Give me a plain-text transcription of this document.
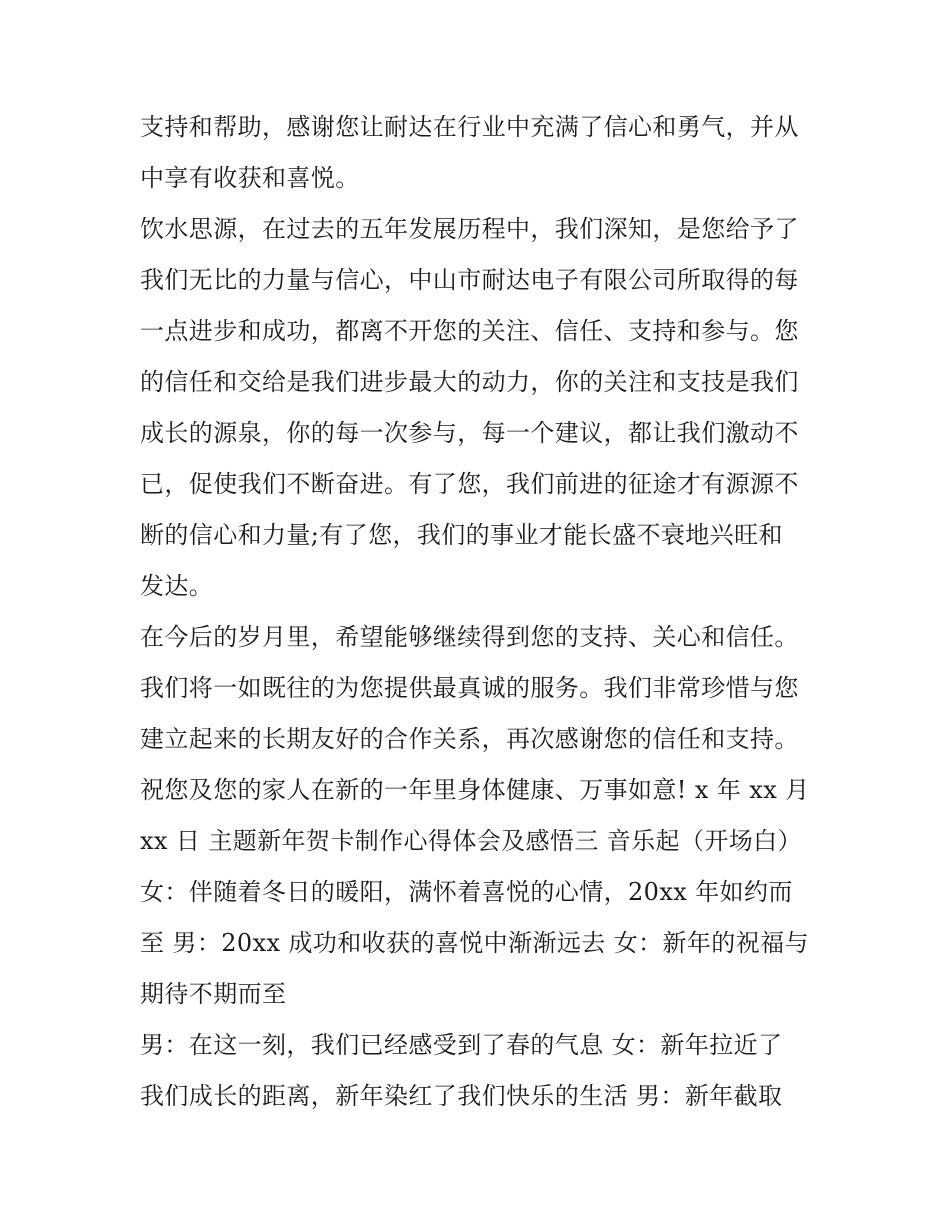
支持和帮助，感谢您让耐达在行业中充满了信心和勇气，并从
中享有收获和喜悦。
饮水思源，在过去的五年发展历程中，我们深知，是您给予了
我们无比的力量与信心，中山市耐达电子有限公司所取得的每
一点进步和成功，都离不开您的关注、信任、支持和参与。您
的信任和交给是我们进步最大的动力，你的关注和支技是我们
成长的源泉，你的每一次参与，每一个建议，都让我们激动不
已，促使我们不断奋进。有了您，我们前进的征途才有源源不
断的信心和力量;有了您，我们的事业才能长盛不衰地兴旺和
发达。
在今后的岁月里，希望能够继续得到您的支持、关心和信任。
我们将一如既往的为您提供最真诚的服务。我们非常珍惜与您
建立起来的长期友好的合作关系，再次感谢您的信任和支持。
祝您及您的家人在新的一年里身体健康、万事如意! x 年 xx 月
xx 日 主题新年贺卡制作心得体会及感悟三 音乐起（开场白）
女：伴随着冬日的暖阳，满怀着喜悦的心情，20xx 年如约而
至 男：20xx 成功和收获的喜悦中渐渐远去 女：新年的祝福与
期待不期而至
男：在这一刻，我们已经感受到了春的气息 女：新年拉近了
我们成长的距离，新年染红了我们快乐的生活 男：新年截取
